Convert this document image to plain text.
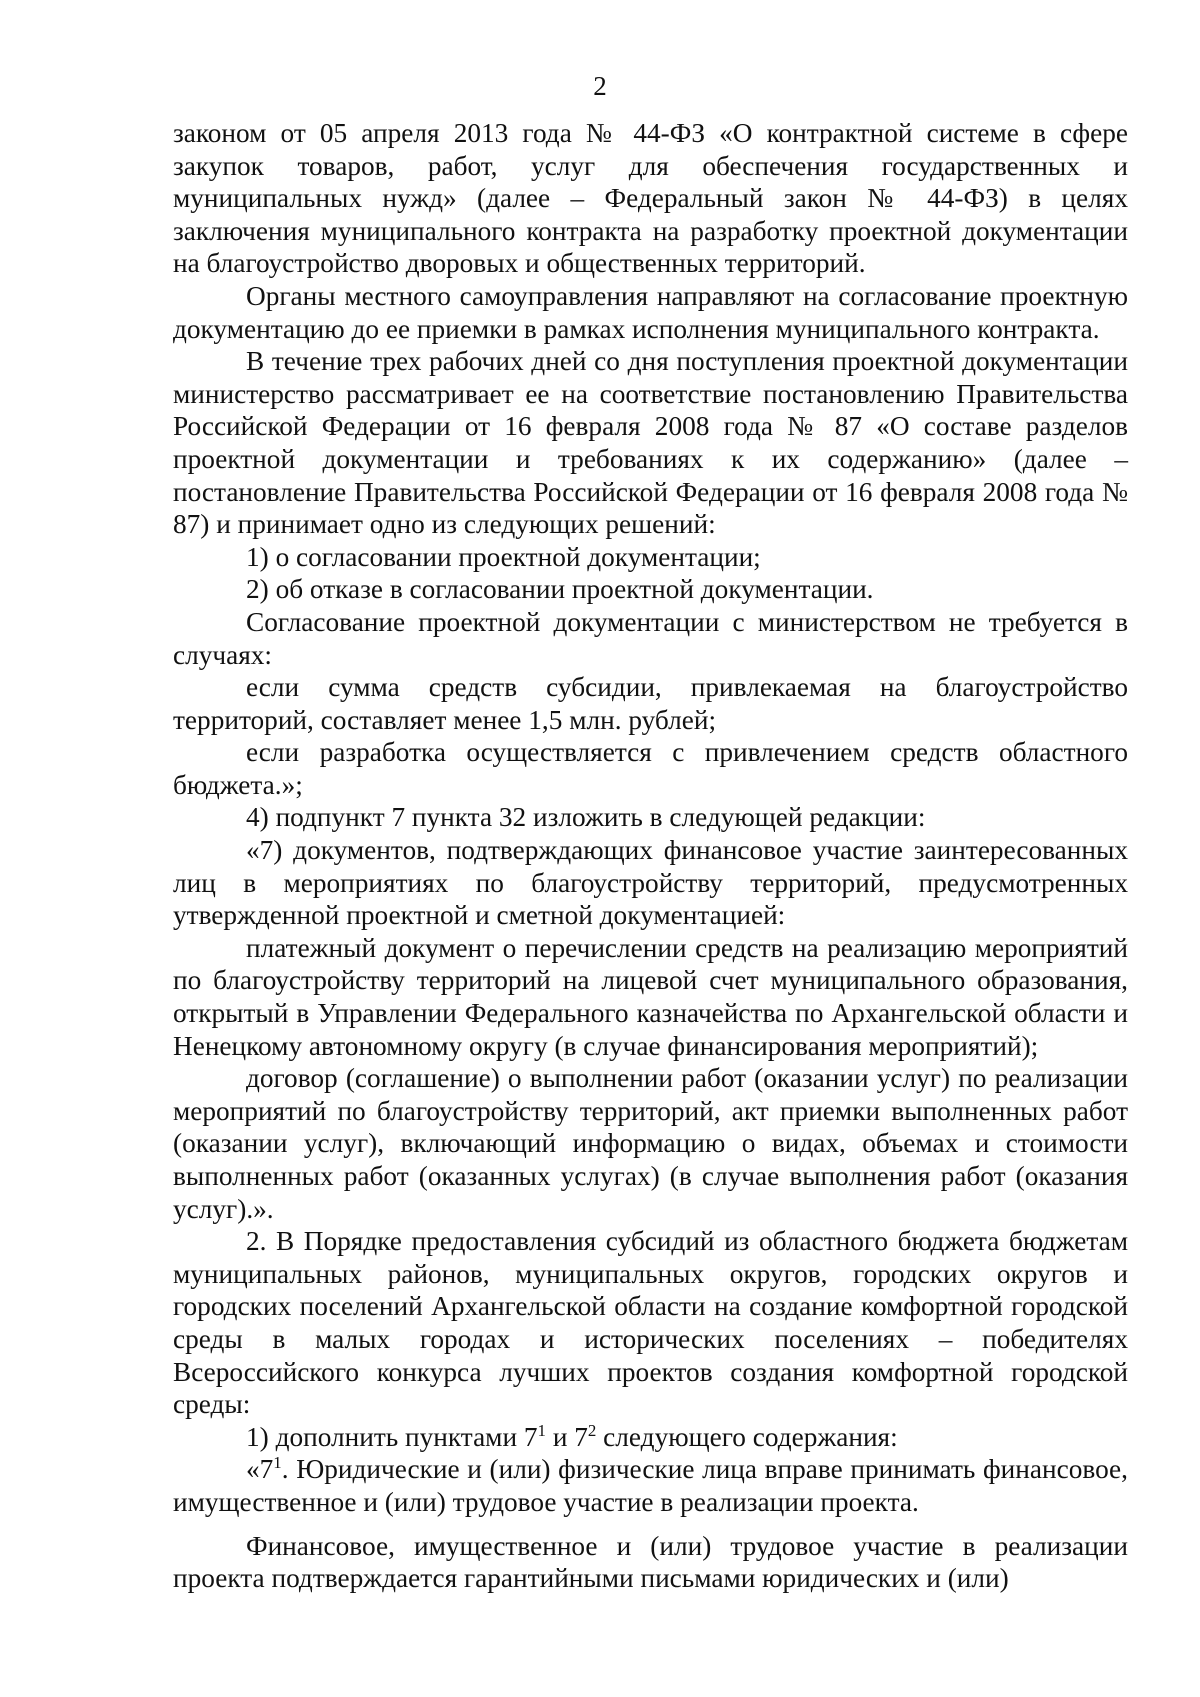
2

законом от 05 апреля 2013 года № 44-ФЗ «О контрактной системе в сфере закупок товаров, работ, услуг для обеспечения государственных и муниципальных нужд» (далее – Федеральный закон № 44-ФЗ) в целях заключения муниципального контракта на разработку проектной документации на благоустройство дворовых и общественных территорий.

Органы местного самоуправления направляют на согласование проектную документацию до ее приемки в рамках исполнения муниципального контракта.

В течение трех рабочих дней со дня поступления проектной документации министерство рассматривает ее на соответствие постановлению Правительства Российской Федерации от 16 февраля 2008 года № 87 «О составе разделов проектной документации и требованиях к их содержанию» (далее – постановление Правительства Российской Федерации от 16 февраля 2008 года № 87) и принимает одно из следующих решений:

1) о согласовании проектной документации;

2) об отказе в согласовании проектной документации.

Согласование проектной документации с министерством не требуется в случаях:

если сумма средств субсидии, привлекаемая на благоустройство территорий, составляет менее 1,5 млн. рублей;

если разработка осуществляется с привлечением средств областного бюджета.»;

4) подпункт 7 пункта 32 изложить в следующей редакции:

«7) документов, подтверждающих финансовое участие заинтересованных лиц в мероприятиях по благоустройству территорий, предусмотренных утвержденной проектной и сметной документацией:

платежный документ о перечислении средств на реализацию мероприятий по благоустройству территорий на лицевой счет муниципального образования, открытый в Управлении Федерального казначейства по Архангельской области и Ненецкому автономному округу (в случае финансирования мероприятий);

договор (соглашение) о выполнении работ (оказании услуг) по реализации мероприятий по благоустройству территорий, акт приемки выполненных работ (оказании услуг), включающий информацию о видах, объемах и стоимости выполненных работ (оказанных услугах) (в случае выполнения работ (оказания услуг).».

2. В Порядке предоставления субсидий из областного бюджета бюджетам муниципальных районов, муниципальных округов, городских округов и городских поселений Архангельской области на создание комфортной городской среды в малых городах и исторических поселениях – победителях Всероссийского конкурса лучших проектов создания комфортной городской среды:

1) дополнить пунктами $7^1$ и $7^2$ следующего содержания:

«$7^1$. Юридические и (или) физические лица вправе принимать финансовое, имущественное и (или) трудовое участие в реализации проекта.

Финансовое, имущественное и (или) трудовое участие в реализации проекта подтверждается гарантийными письмами юридических и (или)
